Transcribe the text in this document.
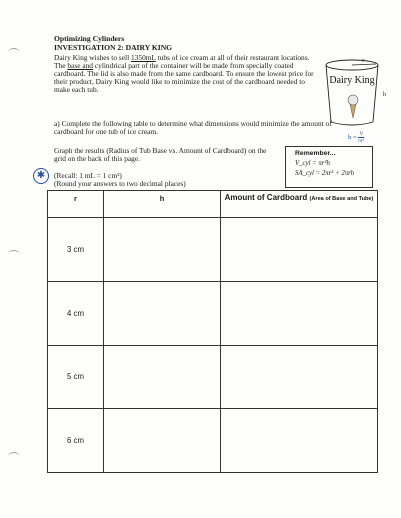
Optimizing Cylinders
INVESTIGATION 2: DAIRY KING
Dairy King wishes to sell 1350mL tubs of ice cream at all of their restaurant locations. The base and cylindrical part of the container will be made from specially coated cardboard. The lid is also made from the same cardboard. To ensure the lowest price for their product, Dairy King would like to minimize the cost of the cardboard needed to make each tub.
r
Dairy King
h
a) Complete the following table to determine what dimensions would minimize the amount of cardboard for one tub of ice cream.
$h = \frac{V}{\text{πr²}}$
Graph the results (Radius of Tub Base vs. Amount of Cardboard) on the grid on the back of this page.
Remember...
V_cyl = πr²h
SA_cyl = 2πr² + 2πrh
✱	(Recall: 1 mL = 1 cm³)
(Round your answers to two decimal places)
r	h	Amount of Cardboard (Area of Base and Tube)
3 cm		
4 cm		
5 cm		
6 cm		
